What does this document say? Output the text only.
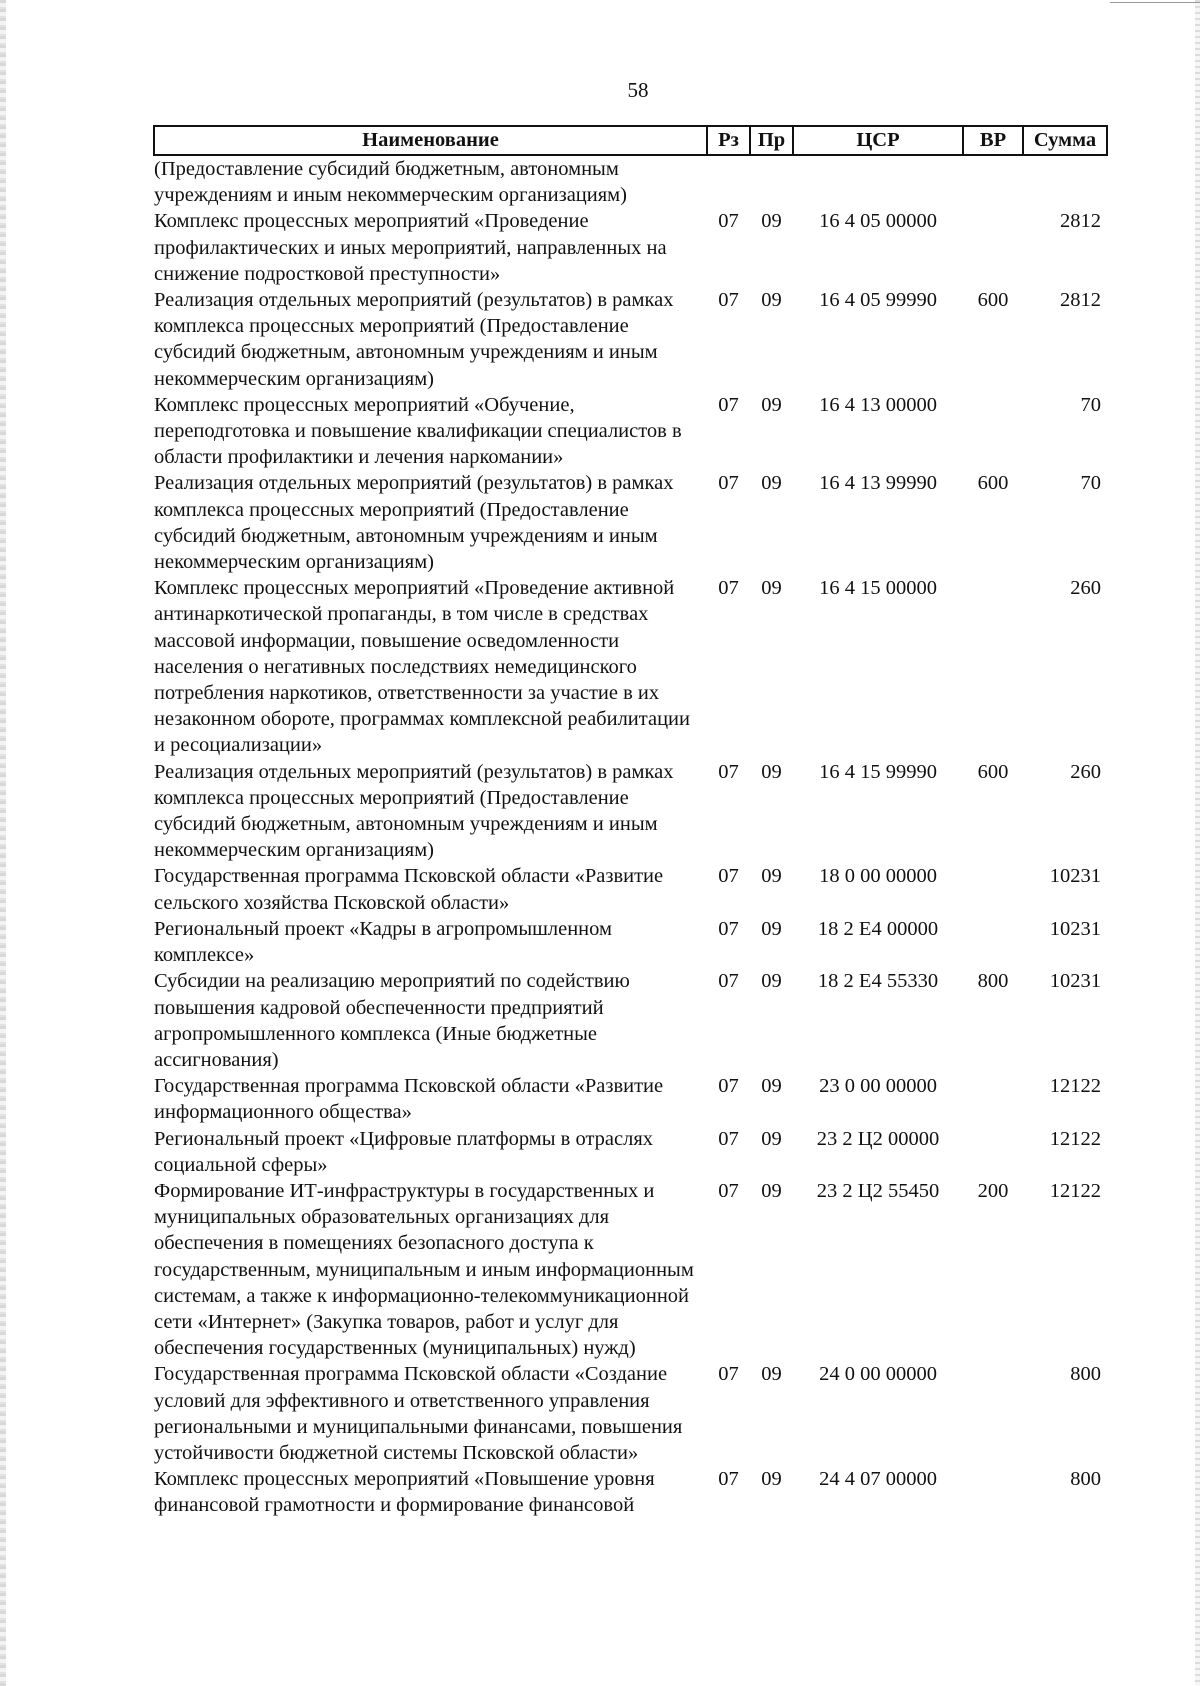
58
Наименование	Рз	Пр	ЦСР	ВР	Сумма
(Предоставление субсидий бюджетным, автономным учреждениям и иным некоммерческим организациям)					
Комплекс процессных мероприятий «Проведение профилактических и иных мероприятий, направленных на снижение подростковой преступности»	07	09	16 4 05 00000		2812
Реализация отдельных мероприятий (результатов) в рамках комплекса процессных мероприятий (Предоставление субсидий бюджетным, автономным учреждениям и иным некоммерческим организациям)	07	09	16 4 05 99990	600	2812
Комплекс процессных мероприятий «Обучение, переподготовка и повышение квалификации специалистов в области профилактики и лечения наркомании»	07	09	16 4 13 00000		70
Реализация отдельных мероприятий (результатов) в рамках комплекса процессных мероприятий (Предоставление субсидий бюджетным, автономным учреждениям и иным некоммерческим организациям)	07	09	16 4 13 99990	600	70
Комплекс процессных мероприятий «Проведение активной антинаркотической пропаганды, в том числе в средствах массовой информации, повышение осведомленности населения о негативных последствиях немедицинского потребления наркотиков, ответственности за участие в их незаконном обороте, программах комплексной реабилитации и ресоциализации»	07	09	16 4 15 00000		260
Реализация отдельных мероприятий (результатов) в рамках комплекса процессных мероприятий (Предоставление субсидий бюджетным, автономным учреждениям и иным некоммерческим организациям)	07	09	16 4 15 99990	600	260
Государственная программа Псковской области «Развитие сельского хозяйства Псковской области»	07	09	18 0 00 00000		10231
Региональный проект «Кадры в агропромышленном комплексе»	07	09	18 2 Е4 00000		10231
Субсидии на реализацию мероприятий по содействию повышения кадровой обеспеченности предприятий агропромышленного комплекса (Иные бюджетные ассигнования)	07	09	18 2 Е4 55330	800	10231
Государственная программа Псковской области «Развитие информационного общества»	07	09	23 0 00 00000		12122
Региональный проект «Цифровые платформы в отраслях социальной сферы»	07	09	23 2 Ц2 00000		12122
Формирование ИТ-инфраструктуры в государственных и муниципальных образовательных организациях для обеспечения в помещениях безопасного доступа к государственным, муниципальным и иным информационным системам, а также к информационно-телекоммуникационной сети «Интернет» (Закупка товаров, работ и услуг для обеспечения государственных (муниципальных) нужд)	07	09	23 2 Ц2 55450	200	12122
Государственная программа Псковской области «Создание условий для эффективного и ответственного управления региональными и муниципальными финансами, повышения устойчивости бюджетной системы Псковской области»	07	09	24 0 00 00000		800
Комплекс процессных мероприятий «Повышение уровня финансовой грамотности и формирование финансовой	07	09	24 4 07 00000		800
